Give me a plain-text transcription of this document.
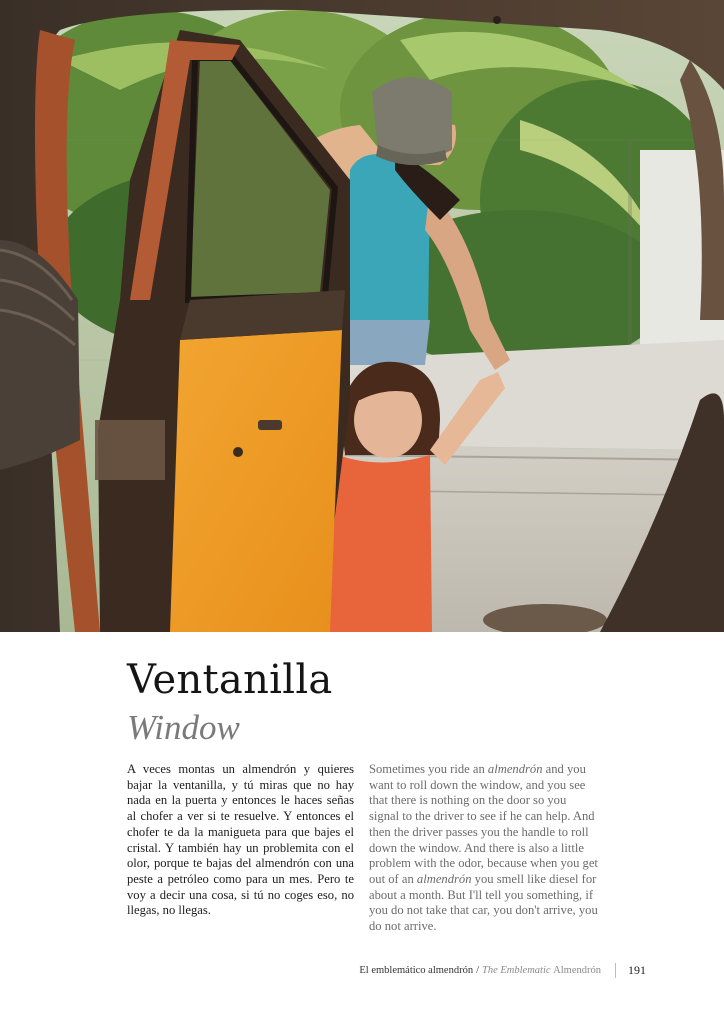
Ventanilla
Window

A veces montas un almendrón y quieres bajar la ventanilla, y tú miras que no hay nada en la puerta y entonces le haces señas al chofer a ver si te resuelve. Y entonces el chofer te da la manigueta para que bajes el cristal. Y también hay un problemita con el olor, porque te bajas del almendrón con una peste a petróleo como para un mes. Pero te voy a decir una cosa, si tú no coges eso, no llegas, no llegas.

Sometimes you ride an almendrón and you want to roll down the window, and you see that there is nothing on the door so you signal to the driver to see if he can help. And then the driver passes you the handle to roll down the window. And there is also a little problem with the odor, because when you get out of an almendrón you smell like diesel for about a month. But I'll tell you something, if you do not take that car, you don't arrive, you do not arrive.

El emblemático almendrón / The Emblematic Almendrón 191
